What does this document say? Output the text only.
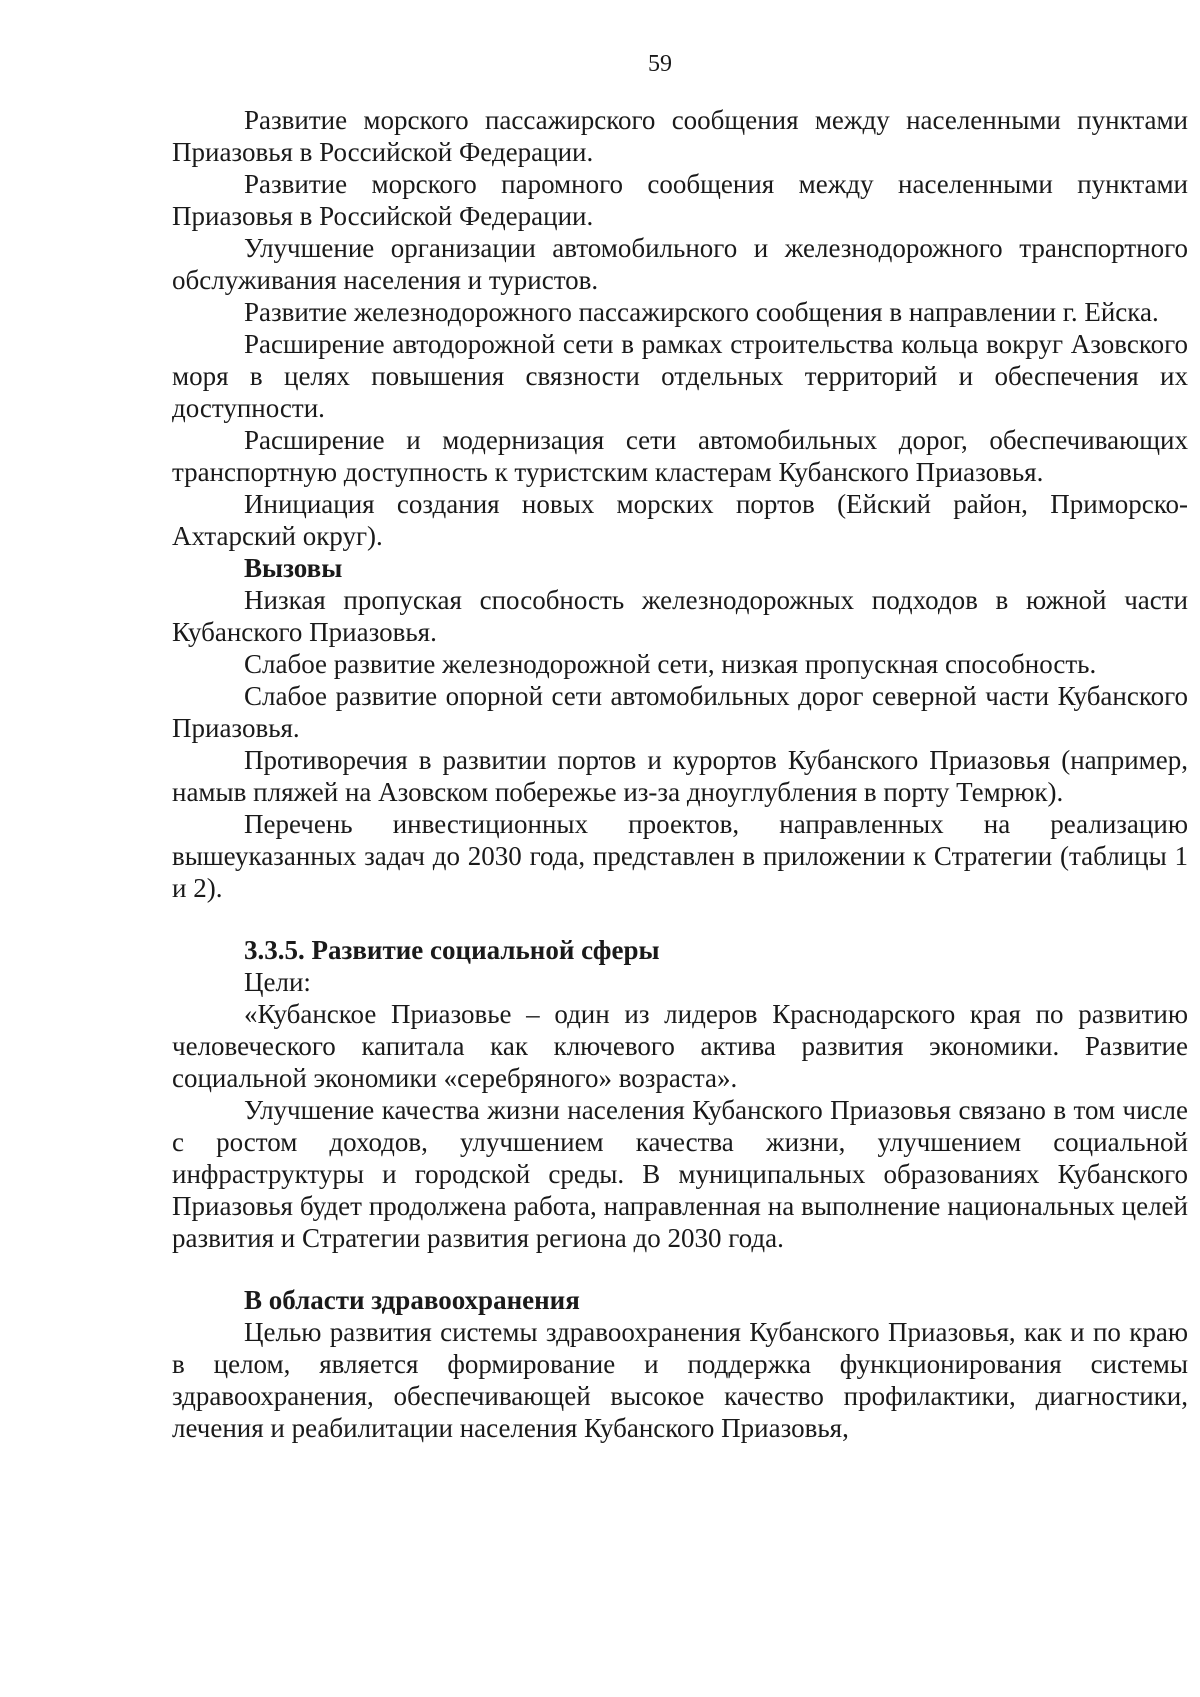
59

Развитие морского пассажирского сообщения между населенными пунктами Приазовья в Российской Федерации.

Развитие морского паромного сообщения между населенными пунктами Приазовья в Российской Федерации.

Улучшение организации автомобильного и железнодорожного транспортного обслуживания населения и туристов.

Развитие железнодорожного пассажирского сообщения в направлении г. Ейска.

Расширение автодорожной сети в рамках строительства кольца вокруг Азовского моря в целях повышения связности отдельных территорий и обеспечения их доступности.

Расширение и модернизация сети автомобильных дорог, обеспечивающих транспортную доступность к туристским кластерам Кубанского Приазовья.

Инициация создания новых морских портов (Ейский район, Приморско-Ахтарский округ).

Вызовы

Низкая пропуская способность железнодорожных подходов в южной части Кубанского Приазовья.

Слабое развитие железнодорожной сети, низкая пропускная способность.

Слабое развитие опорной сети автомобильных дорог северной части Кубанского Приазовья.

Противоречия в развитии портов и курортов Кубанского Приазовья (например, намыв пляжей на Азовском побережье из-за дноуглубления в порту Темрюк).

Перечень инвестиционных проектов, направленных на реализацию вышеуказанных задач до 2030 года, представлен в приложении к Стратегии (таблицы 1 и 2).

3.3.5. Развитие социальной сферы

Цели:

«Кубанское Приазовье – один из лидеров Краснодарского края по развитию человеческого капитала как ключевого актива развития экономики. Развитие социальной экономики «серебряного» возраста».

Улучшение качества жизни населения Кубанского Приазовья связано в том числе с ростом доходов, улучшением качества жизни, улучшением социальной инфраструктуры и городской среды. В муниципальных образованиях Кубанского Приазовья будет продолжена работа, направленная на выполнение национальных целей развития и Стратегии развития региона до 2030 года.

В области здравоохранения

Целью развития системы здравоохранения Кубанского Приазовья, как и по краю в целом, является формирование и поддержка функционирования системы здравоохранения, обеспечивающей высокое качество профилактики, диагностики, лечения и реабилитации населения Кубанского Приазовья,
